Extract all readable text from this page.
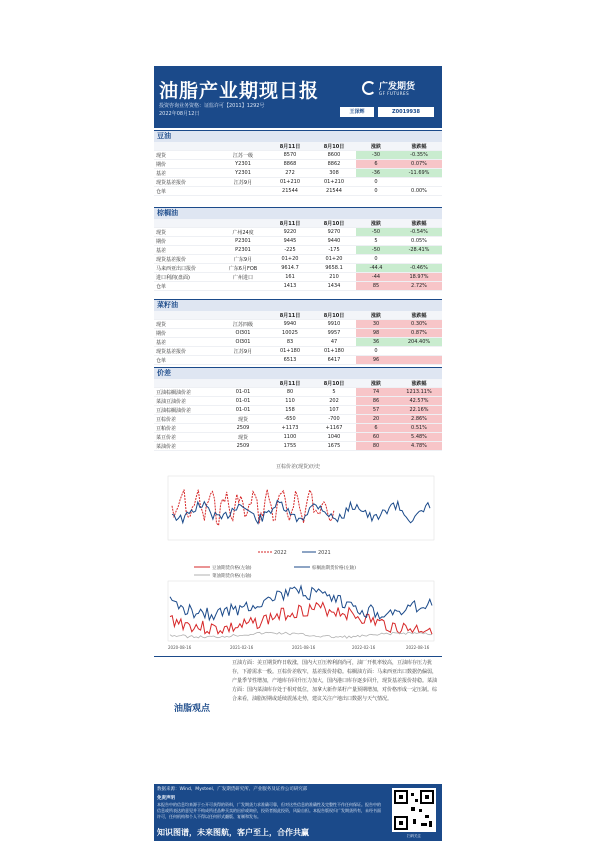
油脂产业期现日报
投资咨询业务资格：证监许可【2011】1292号
2022年08月12日
广发期货
GF FUTURES
王泽辉	Z0019938
豆油
		8月11日	8月10日	涨跌	涨跌幅
现货	江苏一级	8570	8600	-30	-0.35%
期价	Y2301	8868	8862	6	0.07%
基差	Y2301	272	308	-36	-11.69%
现货基差报价	江苏9月	01+210	01+210	0	
仓单		21544	21544	0	0.00%
棕榈油
		8月11日	8月10日	涨跌	涨跌幅
现货	广州24度	9220	9270	-50	-0.54%
期价	P2301	9445	9440	5	0.05%
基差	P2301	-225	-175	-50	-28.41%
现货基差报价	广东9月	01+20	01+20	0	
马来西亚出口报价	广东6月FOB	9614.7	9658.1	-44.4	-0.46%
进口利润(盘面)	广州进口	161	210	-44	18.97%
仓单		1413	1434	85	2.72%
菜籽油
		8月11日	8月10日	涨跌	涨跌幅
现货	江苏四级	9940	9910	30	0.30%
期价	OI301	10025	9957	98	0.87%
基差	OI301	83	47	36	204.40%
现货基差报价	江苏9月	01+180	01+180	0	
仓单		6513	6417	96	
价差
		8月11日	8月10日	涨跌	涨跌幅
豆油棕榈油价差	01-01	80	5	74	1213.11%
菜油豆油价差	01-01	110	202	86	42.57%
豆油棕榈油价差	01-01	158	107	57	22.16%
豆棕价差	现货	-650	-700	20	2.86%
豆粕价差	2509	+1173	+1167	6	0.51%
菜豆价差	现货	1100	1040	60	5.48%
菜油价差	2509	1755	1675	80	4.78%
豆棕价差(现货)历史
2022	2021
豆油期货价格(左轴)	棕榈油期货价格(左轴)
菜油期货价格(右轴)
2020-08-16	2021-02-16	2021-08-16	2022-02-16	2022-08-16
油脂观点
豆油方面：美豆期货昨日收涨，国内大豆压榨利润尚可，油厂开机率较高，豆油库存压力犹存，下游需求一般。豆棕价差收窄，基差报价持稳。棕榈油方面：马来西亚出口数据仍偏弱，产量季节性增加，产地库存回升压力加大，国内港口库存逐步回升，现货基差报价持稳。菜油方面：国内菜油库存处于相对低位，加拿大新作菜籽产量预期增加，对价格形成一定压制。综合来看，油脂短期或延续震荡走势，建议关注产地出口数据与天气情况。
数据来源：Wind、Mysteel、广发期货研究所、产业服务及证券公司研究部
免责声明
本报告中的信息均来源于公开可获得的资料，广发期货力求准确可靠，但对这些信息的准确性及完整性不作任何保证。报告中的信息或所表达的意见并不构成所述品种买卖的出价或询价，投资者据此投资，风险自担。本报告版权归广发期货所有，未经书面许可，任何机构和个人不得以任何形式翻版、复制和发布。
知识图谱，未来图航，客户至上，合作共赢	扫码关注
